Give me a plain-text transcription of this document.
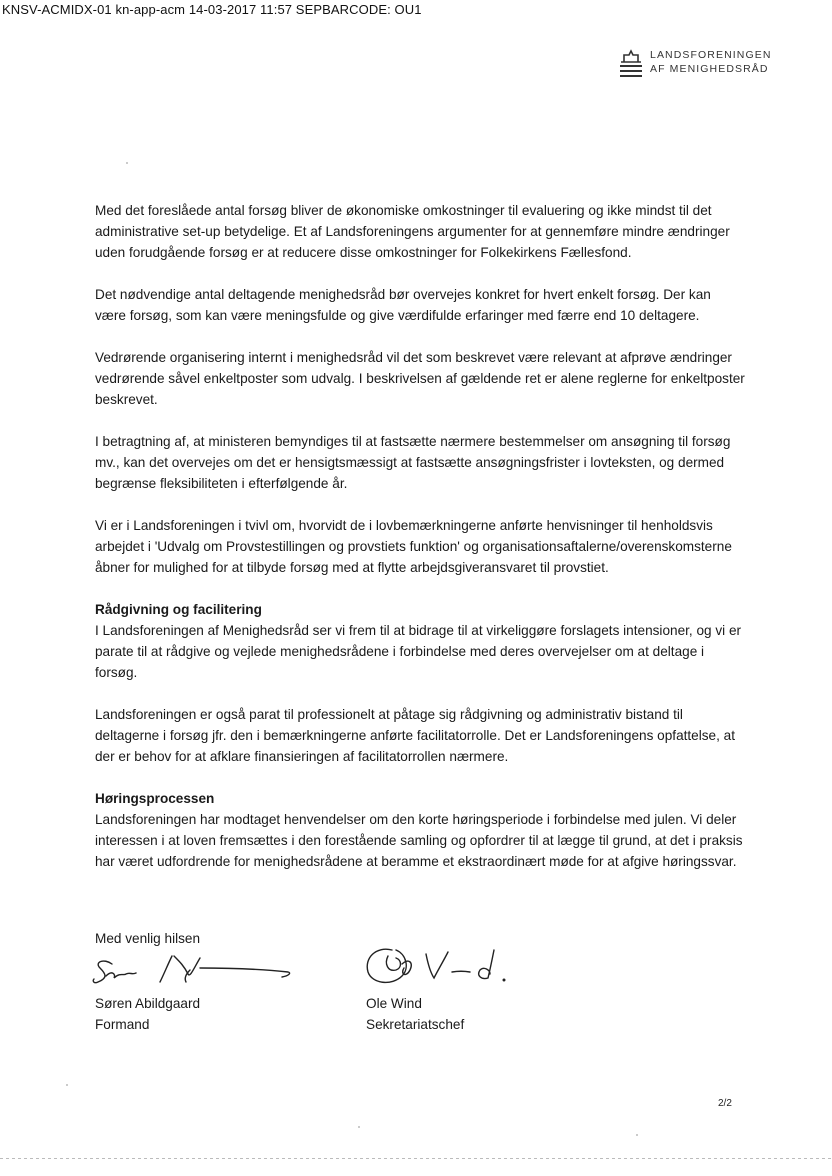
KNSV-ACMIDX-01 kn-app-acm 14-03-2017 11:57 SEPBARCODE: OU1
LANDSFORENINGEN
AF MENIGHEDSRÅD

Med det foreslåede antal forsøg bliver de økonomiske omkostninger til evaluering og ikke mindst til det administrative set-up betydelige. Et af Landsforeningens argumenter for at gennemføre mindre ændringer uden forudgående forsøg er at reducere disse omkostninger for Folkekirkens Fællesfond.

Det nødvendige antal deltagende menighedsråd bør overvejes konkret for hvert enkelt forsøg. Der kan være forsøg, som kan være meningsfulde og give værdifulde erfaringer med færre end 10 deltagere.

Vedrørende organisering internt i menighedsråd vil det som beskrevet være relevant at afprøve ændringer vedrørende såvel enkeltposter som udvalg. I beskrivelsen af gældende ret er alene reglerne for enkeltposter beskrevet.

I betragtning af, at ministeren bemyndiges til at fastsætte nærmere bestemmelser om ansøgning til forsøg mv., kan det overvejes om det er hensigtsmæssigt at fastsætte ansøgningsfrister i lovteksten, og dermed begrænse fleksibiliteten i efterfølgende år.

Vi er i Landsforeningen i tvivl om, hvorvidt de i lovbemærkningerne anførte henvisninger til henholdsvis arbejdet i 'Udvalg om Provstestillingen og provstiets funktion' og organisationsaftalerne/overenskomsterne åbner for mulighed for at tilbyde forsøg med at flytte arbejdsgiveransvaret til provstiet.

Rådgivning og facilitering

I Landsforeningen af Menighedsråd ser vi frem til at bidrage til at virkeliggøre forslagets intensioner, og vi er parate til at rådgive og vejlede menighedsrådene i forbindelse med deres overvejelser om at deltage i forsøg.

Landsforeningen er også parat til professionelt at påtage sig rådgivning og administrativ bistand til deltagerne i forsøg jfr. den i bemærkningerne anførte facilitatorrolle. Det er Landsforeningens opfattelse, at der er behov for at afklare finansieringen af facilitatorrollen nærmere.

Høringsprocessen

Landsforeningen har modtaget henvendelser om den korte høringsperiode i forbindelse med julen. Vi deler interessen i at loven fremsættes i den forestående samling og opfordrer til at lægge til grund, at det i praksis har været udfordrende for menighedsrådene at beramme et ekstraordinært møde for at afgive høringssvar.

Med venlig hilsen
Søren Abildgaard
Formand
Ole Wind
Sekretariatschef
2/2
